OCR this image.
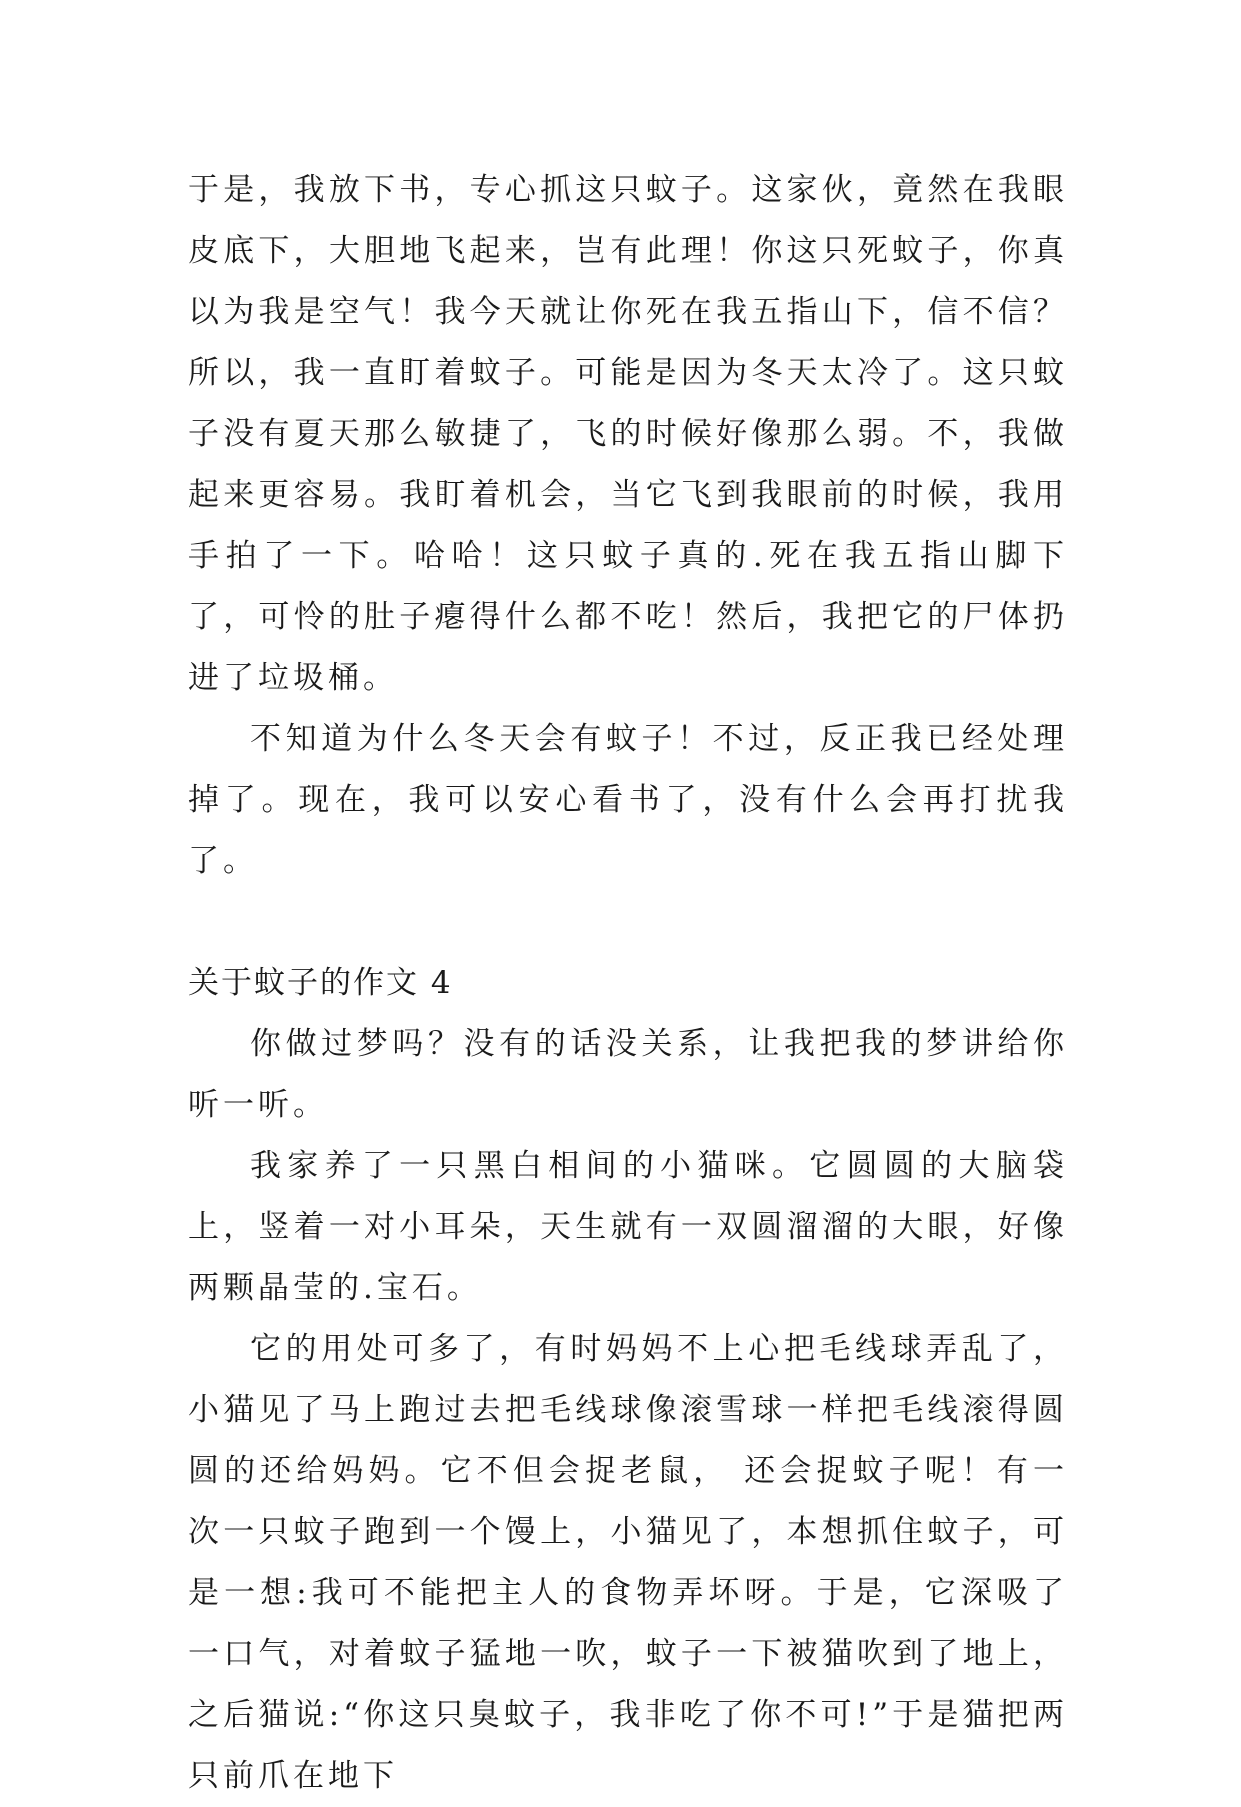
于是，我放下书，专心抓这只蚊子。这家伙，竟然在我眼皮底下，大胆地飞起来，岂有此理！你这只死蚊子，你真以为我是空气！我今天就让你死在我五指山下，信不信？所以，我一直盯着蚊子。可能是因为冬天太冷了。这只蚊子没有夏天那么敏捷了，飞的时候好像那么弱。不，我做起来更容易。我盯着机会，当它飞到我眼前的时候，我用手拍了一下。哈哈！这只蚊子真的.死在我五指山脚下了，可怜的肚子瘪得什么都不吃！然后，我把它的尸体扔进了垃圾桶。

不知道为什么冬天会有蚊子！不过，反正我已经处理掉了。现在，我可以安心看书了，没有什么会再打扰我了。

关于蚊子的作文 4

你做过梦吗？没有的话没关系，让我把我的梦讲给你听一听。

我家养了一只黑白相间的小猫咪。它圆圆的大脑袋上，竖着一对小耳朵，天生就有一双圆溜溜的大眼，好像两颗晶莹的.宝石。

它的用处可多了，有时妈妈不上心把毛线球弄乱了，小猫见了马上跑过去把毛线球像滚雪球一样把毛线滚得圆圆的还给妈妈。它不但会捉老鼠， 还会捉蚊子呢！有一次一只蚊子跑到一个馒上，小猫见了，本想抓住蚊子，可是一想:我可不能把主人的食物弄坏呀。于是，它深吸了一口气，对着蚊子猛地一吹，蚊子一下被猫吹到了地上，之后猫说:“你这只臭蚊子，我非吃了你不可!”于是猫把两只前爪在地下
